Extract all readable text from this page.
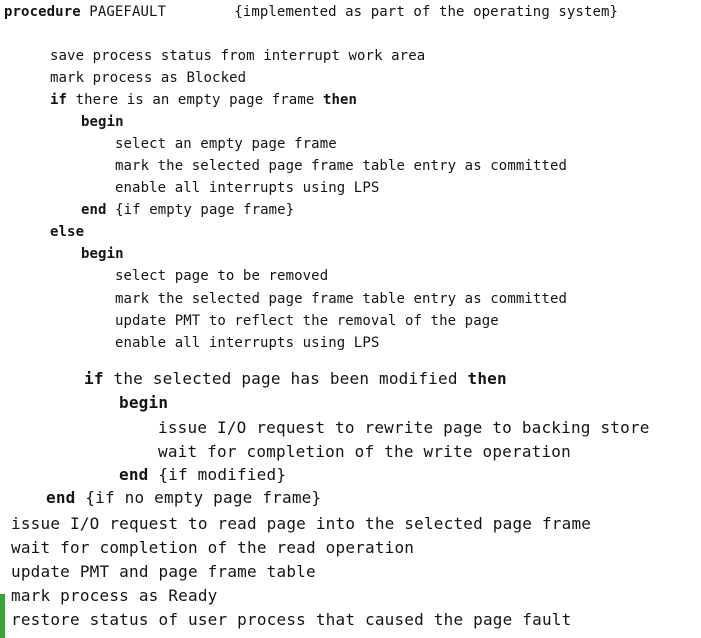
procedure PAGEFAULT        {implemented as part of the operating system}
save process status from interrupt work area
mark process as Blocked
if there is an empty page frame then
begin
select an empty page frame
mark the selected page frame table entry as committed
enable all interrupts using LPS
end {if empty page frame}
else
begin
select page to be removed
mark the selected page frame table entry as committed
update PMT to reflect the removal of the page
enable all interrupts using LPS
if the selected page has been modified then
begin
issue I/O request to rewrite page to backing store
wait for completion of the write operation
end {if modified}
end {if no empty page frame}
issue I/O request to read page into the selected page frame
wait for completion of the read operation
update PMT and page frame table
mark process as Ready
restore status of user process that caused the page fault
